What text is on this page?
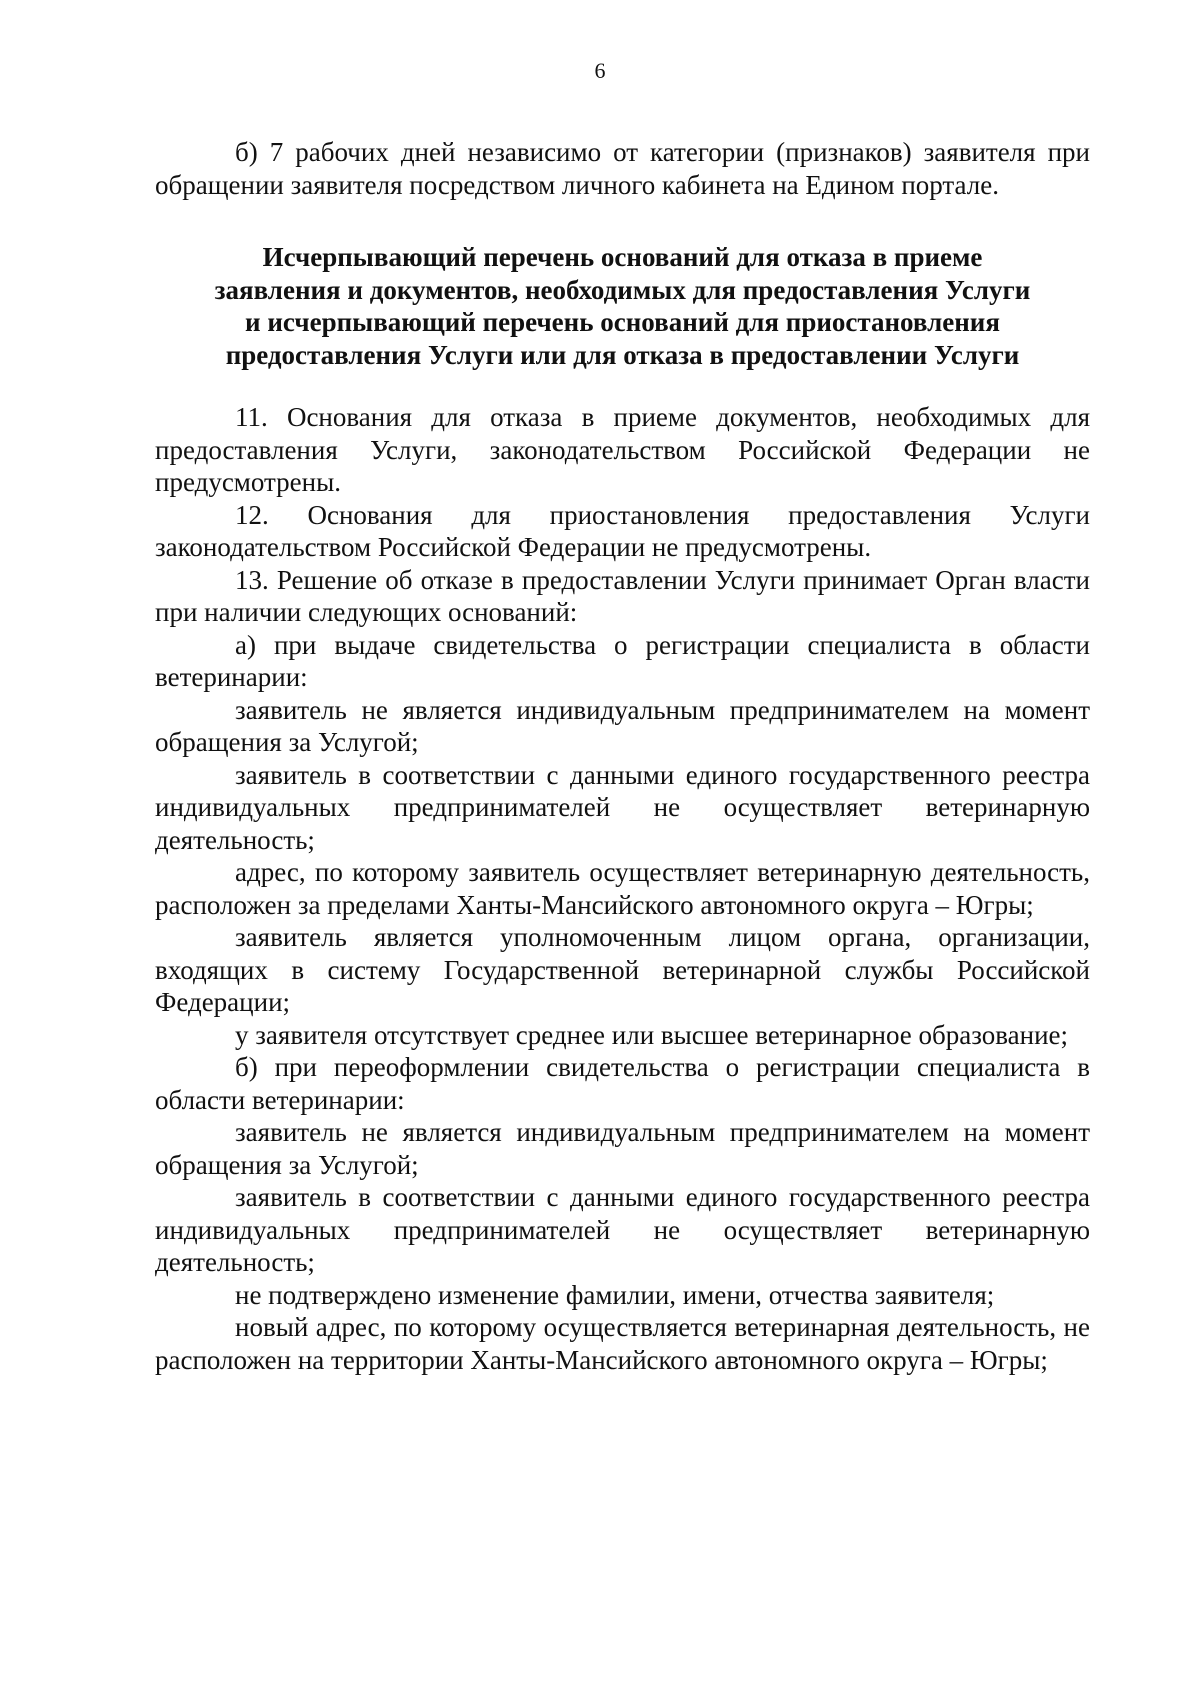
6

б) 7 рабочих дней независимо от категории (признаков) заявителя при обращении заявителя посредством личного кабинета на Едином портале.

Исчерпывающий перечень оснований для отказа в приеме
заявления и документов, необходимых для предоставления Услуги
и исчерпывающий перечень оснований для приостановления
предоставления Услуги или для отказа в предоставлении Услуги

11. Основания для отказа в приеме документов, необходимых для предоставления Услуги, законодательством Российской Федерации не предусмотрены.

12. Основания для приостановления предоставления Услуги законодательством Российской Федерации не предусмотрены.

13. Решение об отказе в предоставлении Услуги принимает Орган власти при наличии следующих оснований:

а) при выдаче свидетельства о регистрации специалиста в области ветеринарии:

заявитель не является индивидуальным предпринимателем на момент обращения за Услугой;

заявитель в соответствии с данными единого государственного реестра индивидуальных предпринимателей не осуществляет ветеринарную деятельность;

адрес, по которому заявитель осуществляет ветеринарную деятельность, расположен за пределами Ханты-Мансийского автономного округа – Югры;

заявитель является уполномоченным лицом органа, организации, входящих в систему Государственной ветеринарной службы Российской Федерации;

у заявителя отсутствует среднее или высшее ветеринарное образование;

б) при переоформлении свидетельства о регистрации специалиста в области ветеринарии:

заявитель не является индивидуальным предпринимателем на момент обращения за Услугой;

заявитель в соответствии с данными единого государственного реестра индивидуальных предпринимателей не осуществляет ветеринарную деятельность;

не подтверждено изменение фамилии, имени, отчества заявителя;

новый адрес, по которому осуществляется ветеринарная деятельность, не расположен на территории Ханты-Мансийского автономного округа – Югры;
